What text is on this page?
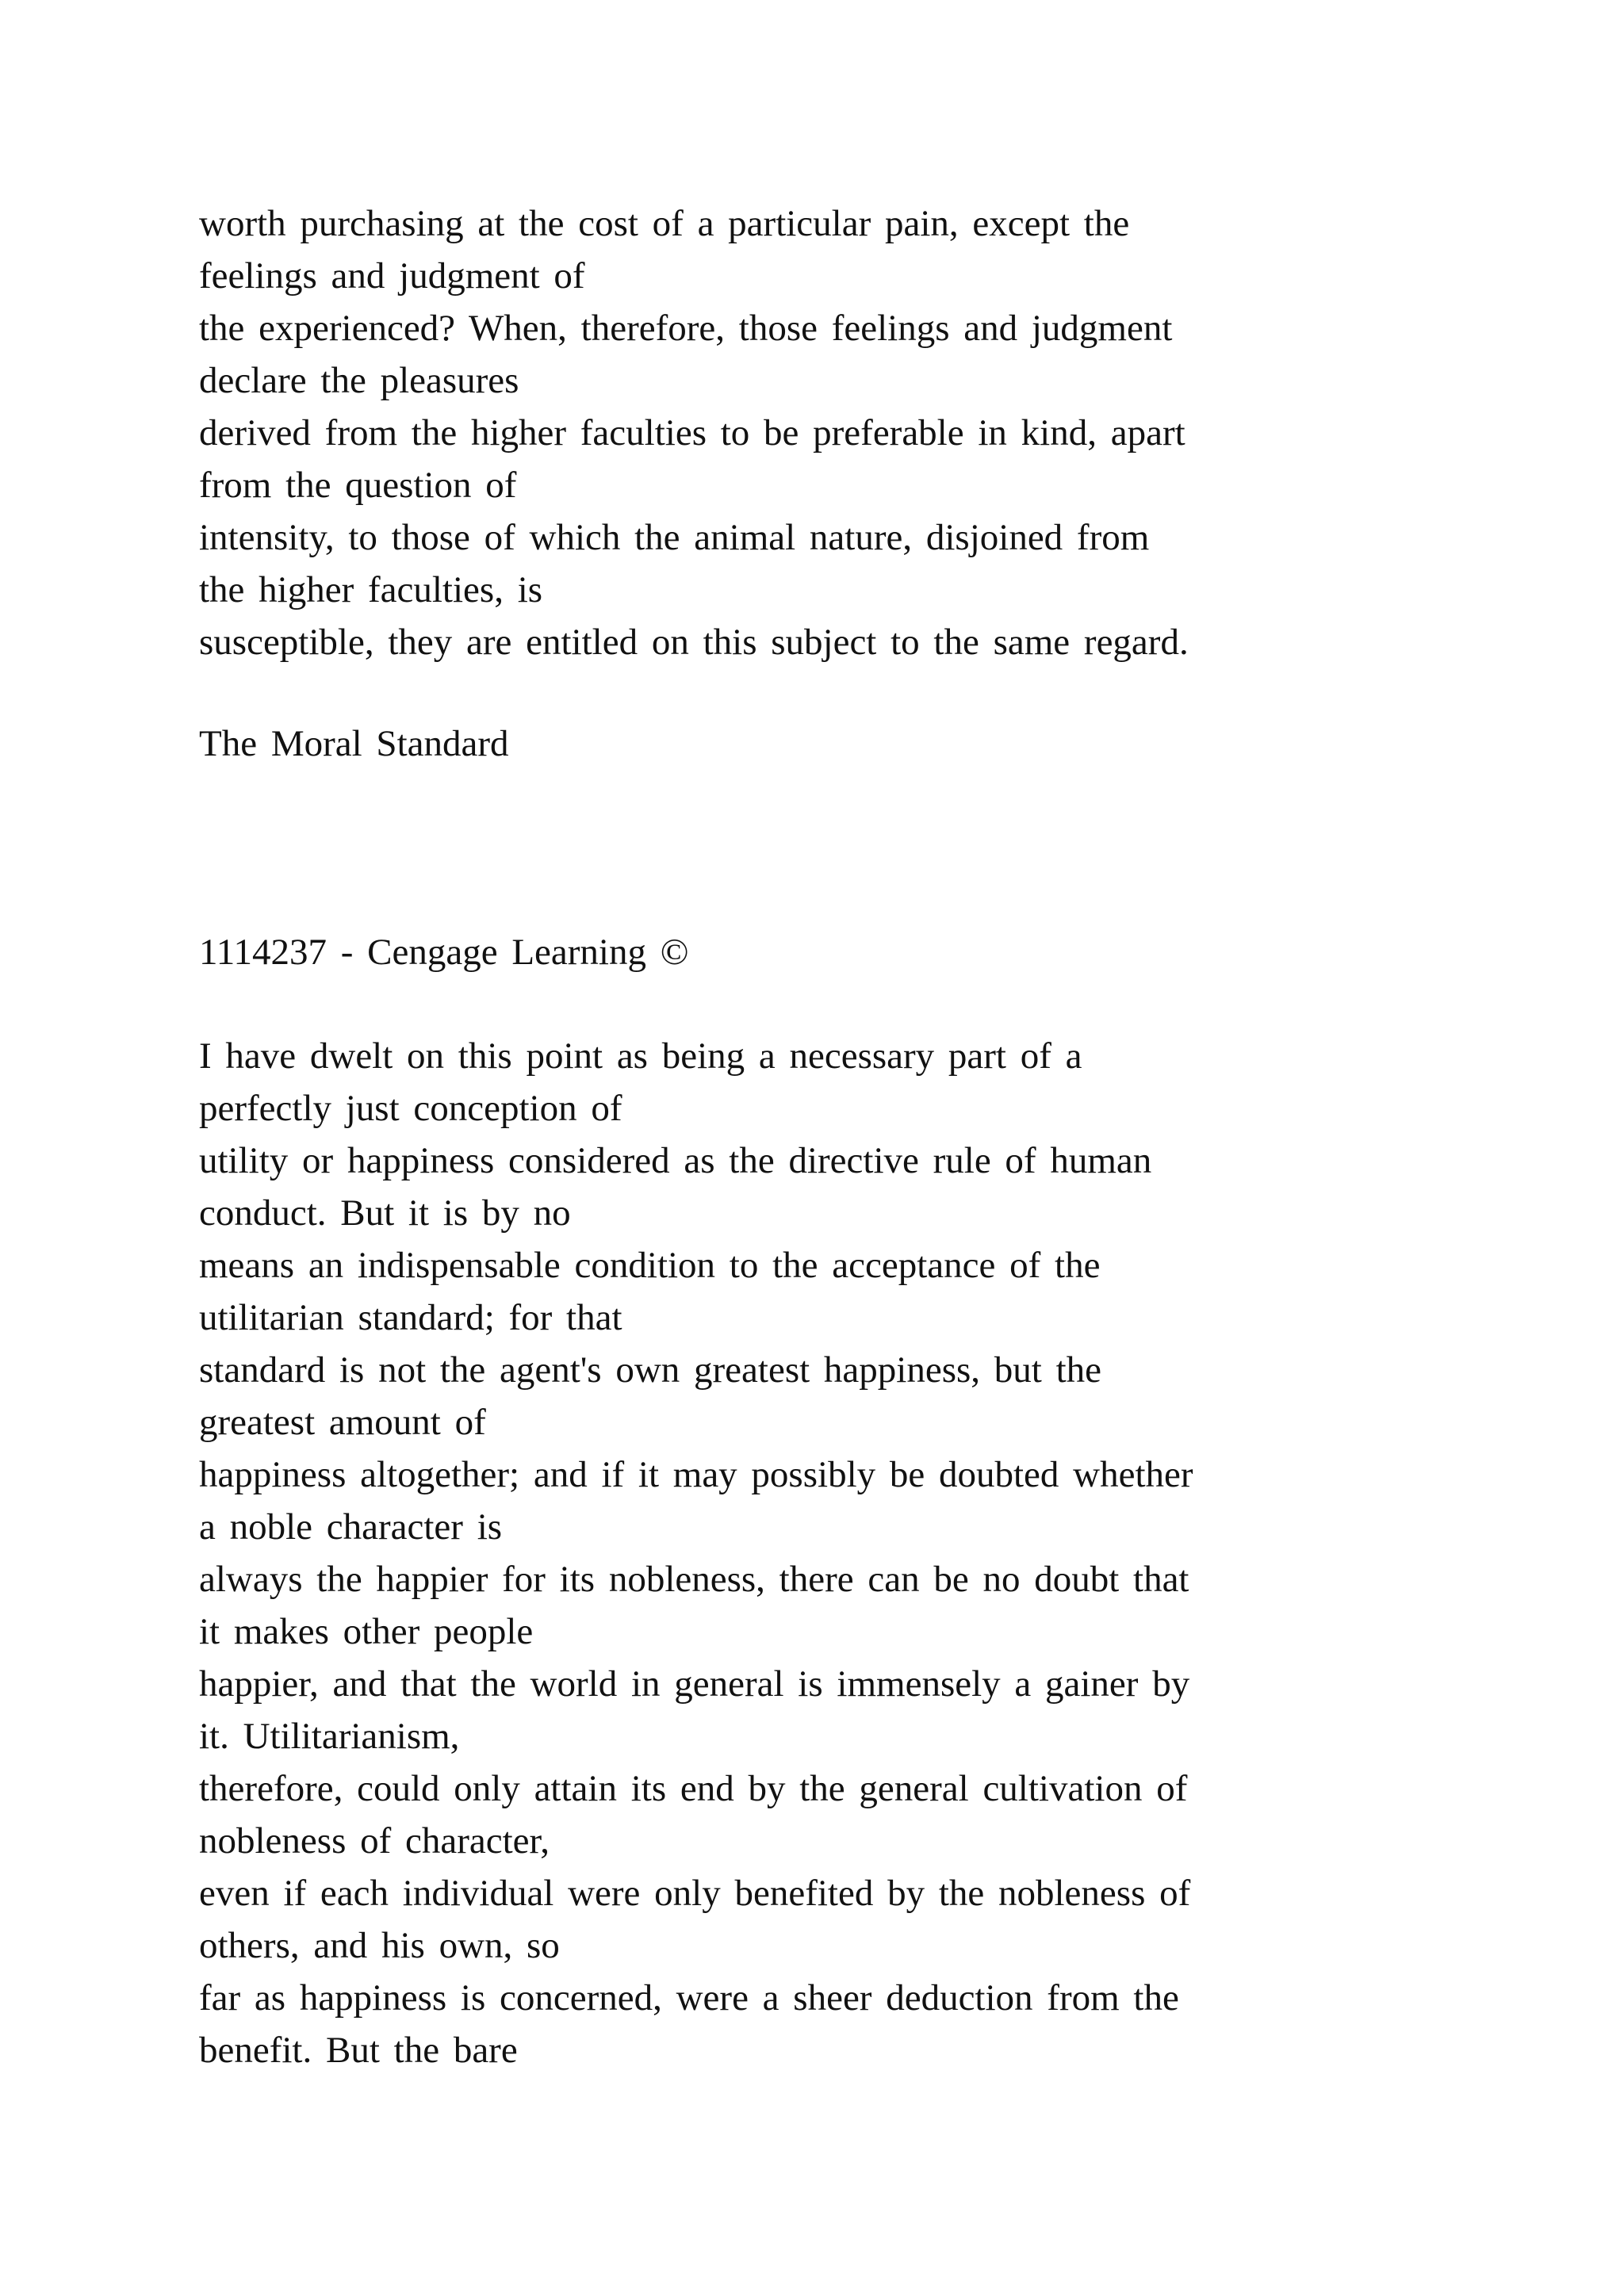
worth purchasing at the cost of a particular pain, except the
feelings and judgment of
the experienced? When, therefore, those feelings and judgment
declare the pleasures
derived from the higher faculties to be preferable in kind, apart
from the question of
intensity, to those of which the animal nature, disjoined from
the higher faculties, is
susceptible, they are entitled on this subject to the same regard.
The Moral Standard
1114237 - Cengage Learning ©
I have dwelt on this point as being a necessary part of a
perfectly just conception of
utility or happiness considered as the directive rule of human
conduct. But it is by no
means an indispensable condition to the acceptance of the
utilitarian standard; for that
standard is not the agent's own greatest happiness, but the
greatest amount of
happiness altogether; and if it may possibly be doubted whether
a noble character is
always the happier for its nobleness, there can be no doubt that
it makes other people
happier, and that the world in general is immensely a gainer by
it. Utilitarianism,
therefore, could only attain its end by the general cultivation of
nobleness of character,
even if each individual were only benefited by the nobleness of
others, and his own, so
far as happiness is concerned, were a sheer deduction from the
benefit. But the bare
